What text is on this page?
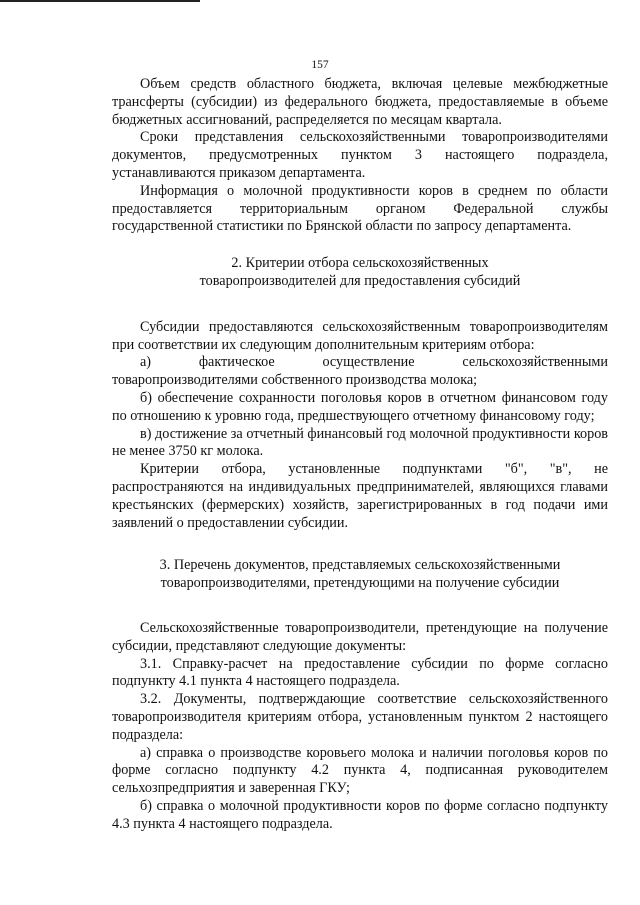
157

Объем средств областного бюджета, включая целевые межбюджетные трансферты (субсидии) из федерального бюджета, предоставляемые в объеме бюджетных ассигнований, распределяется по месяцам квартала.

Сроки представления сельскохозяйственными товаропроизводителями документов, предусмотренных пунктом 3 настоящего подраздела, устанавливаются приказом департамента.

Информация о молочной продуктивности коров в среднем по области предоставляется территориальным органом Федеральной службы государственной статистики по Брянской области по запросу департамента.

2. Критерии отбора сельскохозяйственных

товаропроизводителей для предоставления субсидий

Субсидии предоставляются сельскохозяйственным товаропроизводителям при соответствии их следующим дополнительным критериям отбора:

а) фактическое осуществление сельскохозяйственными товаропроизводителями собственного производства молока;

б) обеспечение сохранности поголовья коров в отчетном финансовом году по отношению к уровню года, предшествующего отчетному финансовому году;

в) достижение за отчетный финансовый год молочной продуктивности коров не менее 3750 кг молока.

Критерии отбора, установленные подпунктами "б", "в", не распространяются на индивидуальных предпринимателей, являющихся главами крестьянских (фермерских) хозяйств, зарегистрированных в год подачи ими заявлений о предоставлении субсидии.

3. Перечень документов, представляемых сельскохозяйственными

товаропроизводителями, претендующими на получение субсидии

Сельскохозяйственные товаропроизводители, претендующие на получение субсидии, представляют следующие документы:

3.1. Справку-расчет на предоставление субсидии по форме согласно подпункту 4.1 пункта 4 настоящего подраздела.

3.2. Документы, подтверждающие соответствие сельскохозяйственного товаропроизводителя критериям отбора, установленным пунктом 2 настоящего подраздела:

а) справка о производстве коровьего молока и наличии поголовья коров по форме согласно подпункту 4.2 пункта 4, подписанная руководителем сельхозпредприятия и заверенная ГКУ;

б) справка о молочной продуктивности коров по форме согласно подпункту 4.3 пункта 4 настоящего подраздела.
